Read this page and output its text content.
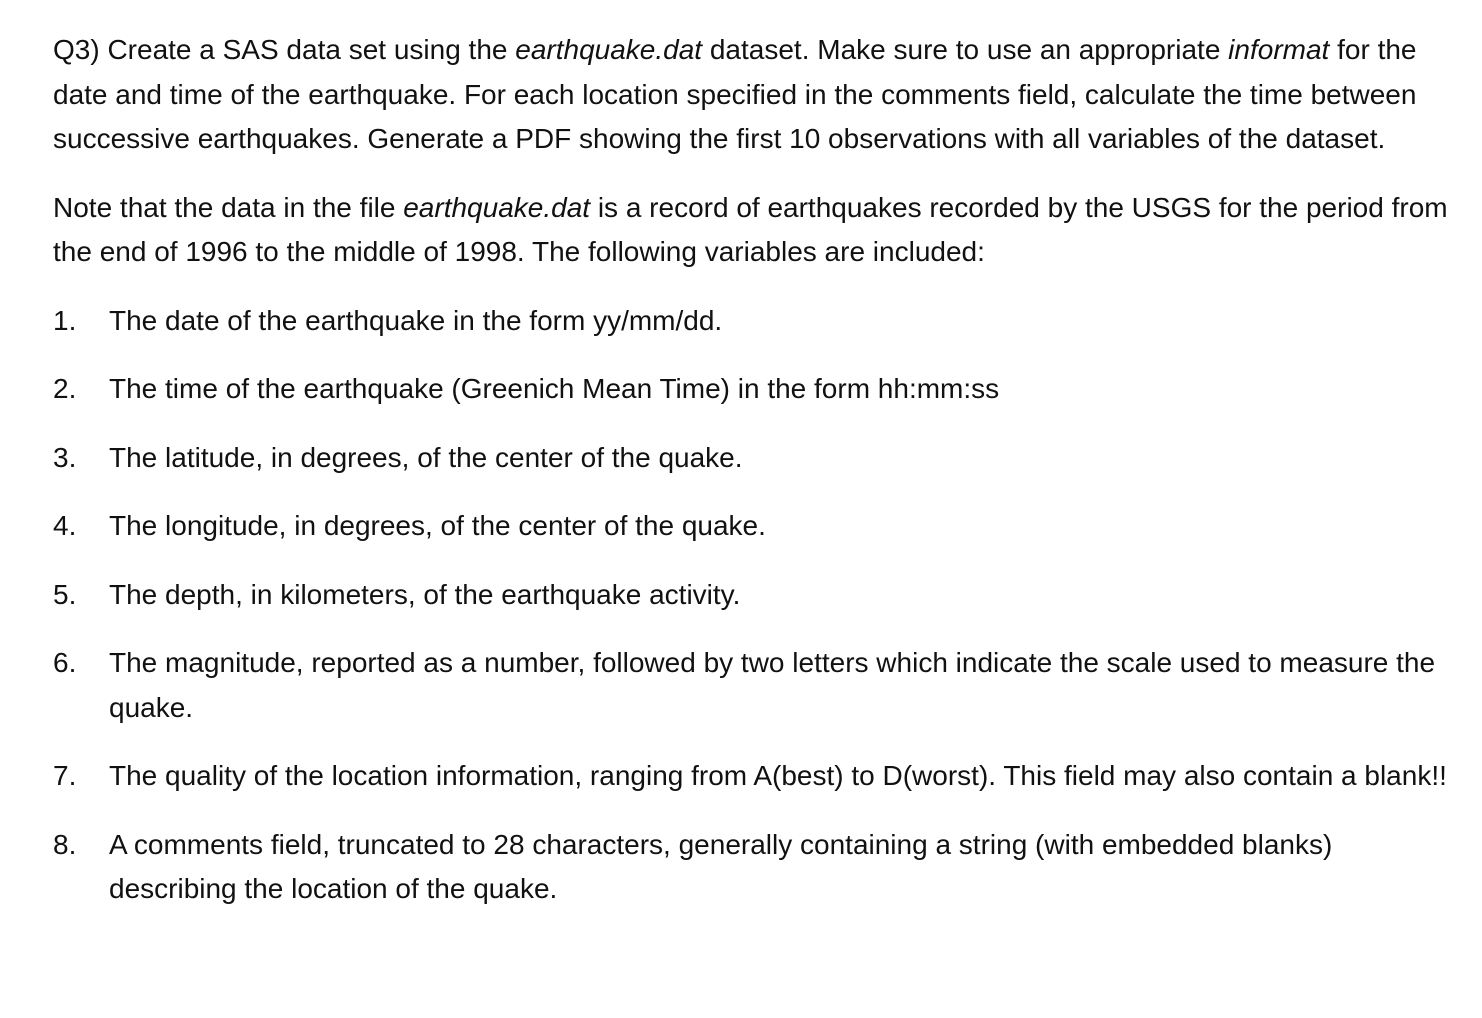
Q3) Create a SAS data set using the earthquake.dat dataset. Make sure to use an appropriate informat for the date and time of the earthquake. For each location specified in the comments field, calculate the time between successive earthquakes. Generate a PDF showing the first 10 observations with all variables of the dataset.

Note that the data in the file earthquake.dat is a record of earthquakes recorded by the USGS for the period from the end of 1996 to the middle of 1998. The following variables are included:

1.	The date of the earthquake in the form yy/mm/dd.
2.	The time of the earthquake (Greenich Mean Time) in the form hh:mm:ss
3.	The latitude, in degrees, of the center of the quake.
4.	The longitude, in degrees, of the center of the quake.
5.	The depth, in kilometers, of the earthquake activity.
6.	The magnitude, reported as a number, followed by two letters which indicate the scale used to measure the quake.
7.	The quality of the location information, ranging from A(best) to D(worst). This field may also contain a blank!!
8.	A comments field, truncated to 28 characters, generally containing a string (with embedded blanks) describing the location of the quake.
